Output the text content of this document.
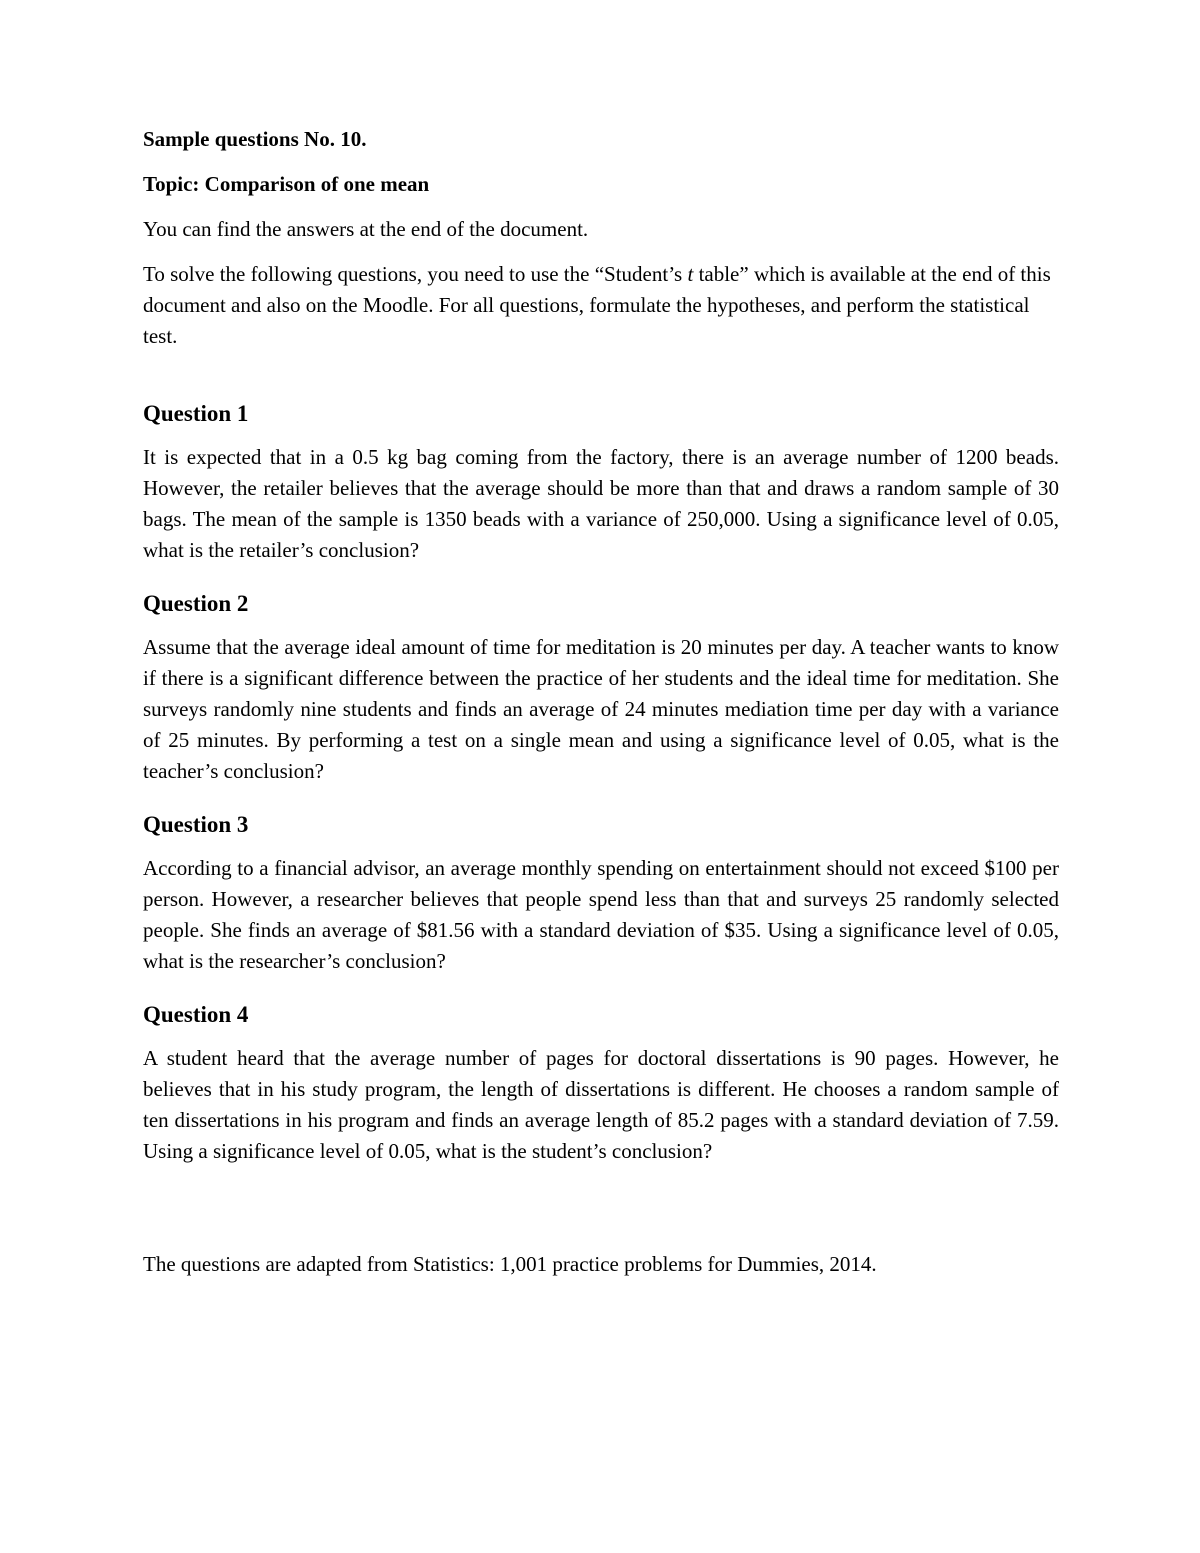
Sample questions No. 10.
Topic: Comparison of one mean
You can find the answers at the end of the document.
To solve the following questions, you need to use the “Student’s t table” which is available at the end of this document and also on the Moodle. For all questions, formulate the hypotheses, and perform the statistical test.
Question 1
It is expected that in a 0.5 kg bag coming from the factory, there is an average number of 1200 beads. However, the retailer believes that the average should be more than that and draws a random sample of 30 bags. The mean of the sample is 1350 beads with a variance of 250,000. Using a significance level of 0.05, what is the retailer’s conclusion?
Question 2
Assume that the average ideal amount of time for meditation is 20 minutes per day. A teacher wants to know if there is a significant difference between the practice of her students and the ideal time for meditation. She surveys randomly nine students and finds an average of 24 minutes mediation time per day with a variance of 25 minutes. By performing a test on a single mean and using a significance level of 0.05, what is the teacher’s conclusion?
Question 3
According to a financial advisor, an average monthly spending on entertainment should not exceed $100 per person. However, a researcher believes that people spend less than that and surveys 25 randomly selected people. She finds an average of $81.56 with a standard deviation of $35. Using a significance level of 0.05, what is the researcher’s conclusion?
Question 4
A student heard that the average number of pages for doctoral dissertations is 90 pages. However, he believes that in his study program, the length of dissertations is different. He chooses a random sample of ten dissertations in his program and finds an average length of 85.2 pages with a standard deviation of 7.59. Using a significance level of 0.05, what is the student’s conclusion?
The questions are adapted from Statistics: 1,001 practice problems for Dummies, 2014.
